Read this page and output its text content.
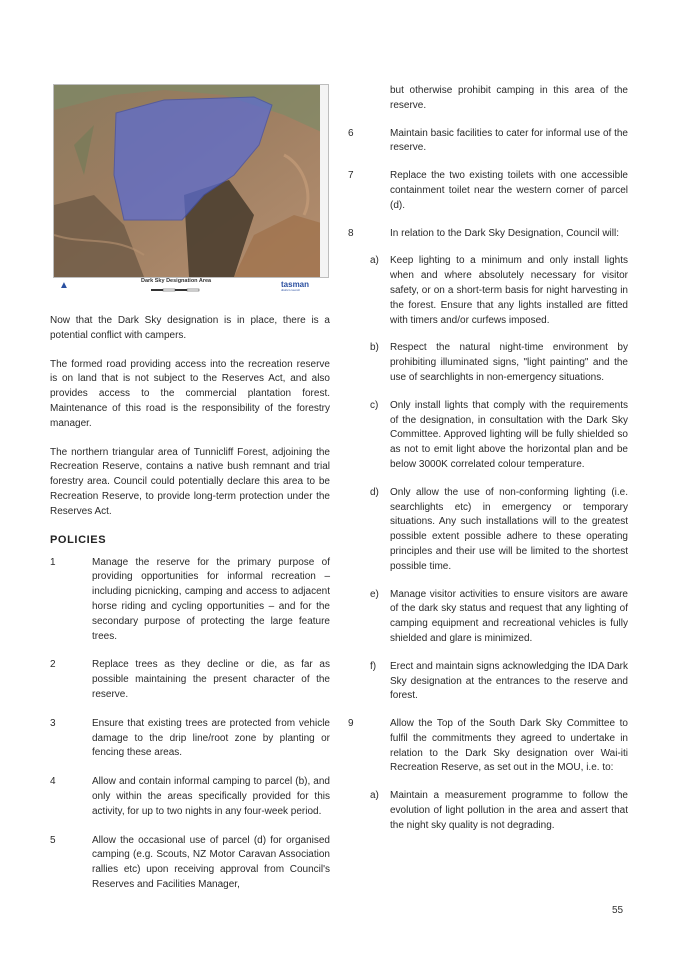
▲	Dark Sky Designation Area	tasman
district council

Now that the Dark Sky designation is in place, there is a potential conflict with campers.

The formed road providing access into the recreation reserve is on land that is not subject to the Reserves Act, and also provides access to the commercial plantation forest. Maintenance of this road is the responsibility of the forestry manager.

The northern triangular area of Tunnicliff Forest, adjoining the Recreation Reserve, contains a native bush remnant and trial forestry area. Council could potentially declare this area to be Recreation Reserve, to provide long-term protection under the Reserves Act.

POLICIES
1	Manage the reserve for the primary purpose of providing opportunities for informal recreation – including picnicking, camping and access to adjacent horse riding and cycling opportunities – and for the secondary purpose of protecting the large feature trees.

2	Replace trees as they decline or die, as far as possible maintaining the present character of the reserve.

3	Ensure that existing trees are protected from vehicle damage to the drip line/root zone by planting or fencing these areas.

4	Allow and contain informal camping to parcel (b), and only within the areas specifically provided for this activity, for up to two nights in any four-week period.

5	Allow the occasional use of parcel (d) for organised camping (e.g. Scouts, NZ Motor Caravan Association rallies etc) upon receiving approval from Council's Reserves and Facilities Manager,

but otherwise prohibit camping in this area of the reserve.

6	Maintain basic facilities to cater for informal use of the reserve.

7	Replace the two existing toilets with one accessible containment toilet near the western corner of parcel (d).

8	In relation to the Dark Sky Designation, Council will:

a) Keep lighting to a minimum and only install lights when and where absolutely necessary for visitor safety, or on a short-term basis for night harvesting in the forest. Ensure that any lights installed are fitted with timers and/or curfews imposed.

b) Respect the natural night-time environment by prohibiting illuminated signs, "light painting" and the use of searchlights in non-emergency situations.

c) Only install lights that comply with the requirements of the designation, in consultation with the Dark Sky Committee. Approved lighting will be fully shielded so as not to emit light above the horizontal plan and be below 3000K correlated colour temperature.

d) Only allow the use of non-conforming lighting (i.e. searchlights etc) in emergency or temporary situations. Any such installations will to the greatest possible extent possible adhere to these operating principles and their use will be limited to the shortest possible time.

e) Manage visitor activities to ensure visitors are aware of the dark sky status and request that any lighting of camping equipment and recreational vehicles is fully shielded and glare is minimized.

f) Erect and maintain signs acknowledging the IDA Dark Sky designation at the entrances to the reserve and forest.

9	Allow the Top of the South Dark Sky Committee to fulfil the commitments they agreed to undertake in relation to the Dark Sky designation over Wai-iti Recreation Reserve, as set out in the MOU, i.e. to:

a) Maintain a measurement programme to follow the evolution of light pollution in the area and assert that the night sky quality is not degrading.

55
